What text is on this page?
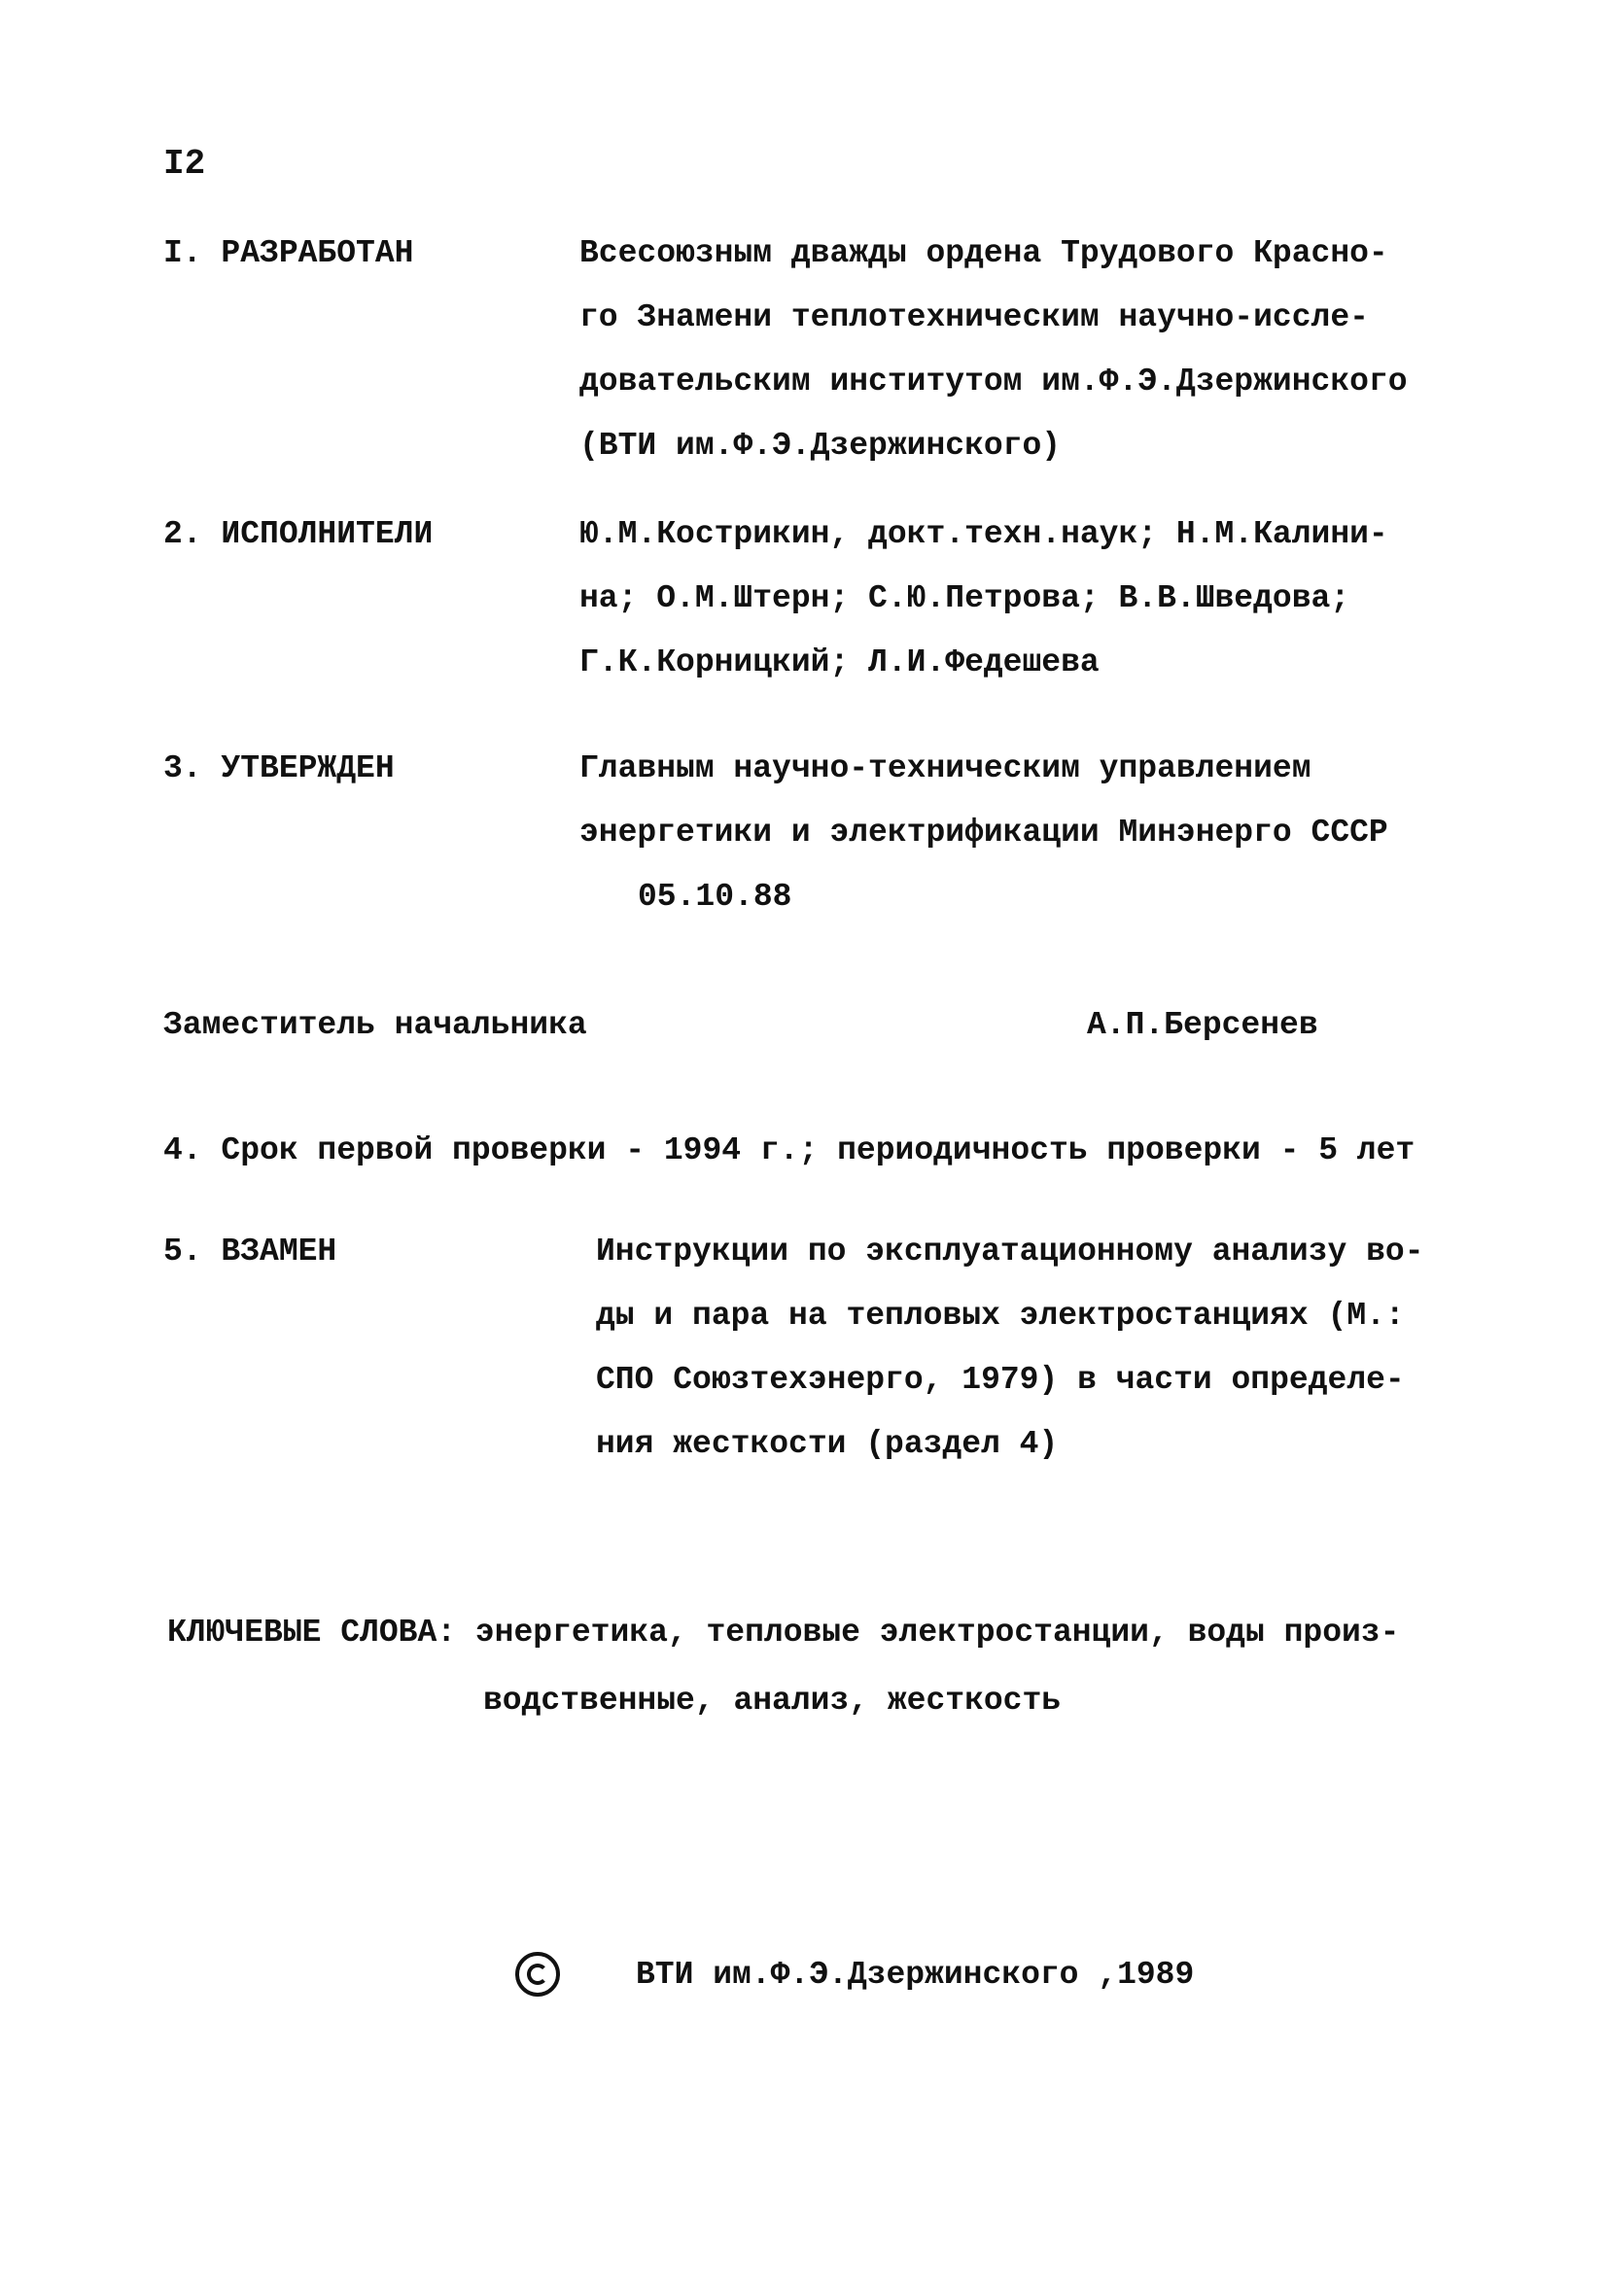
I2
I. РАЗРАБОТАН	Всесоюзным дважды ордена Трудового Красно-
го Знамени теплотехническим научно-иссле-
довательским институтом им.Ф.Э.Дзержинского
(ВТИ им.Ф.Э.Дзержинского)
2. ИСПОЛНИТЕЛИ	Ю.М.Кострикин, докт.техн.наук; Н.М.Калини-
на; О.М.Штерн; С.Ю.Петрова; В.В.Шведова;
Г.К.Корницкий; Л.И.Федешева
3. УТВЕРЖДЕН	Главным научно-техническим управлением
энергетики и электрификации Минэнерго СССР
05.10.88
Заместитель начальника	А.П.Берсенев
4. Срок первой проверки - 1994 г.; периодичность проверки - 5 лет
5. ВЗАМЕН	Инструкции по эксплуатационному анализу во-
ды и пара на тепловых электростанциях (М.:
СПО Союзтехэнерго, 1979) в части определе-
ния жесткости (раздел 4)
КЛЮЧЕВЫЕ СЛОВА: энергетика, тепловые электростанции, воды произ-
водственные, анализ, жесткость
ВТИ им.Ф.Э.Дзержинского ,1989
